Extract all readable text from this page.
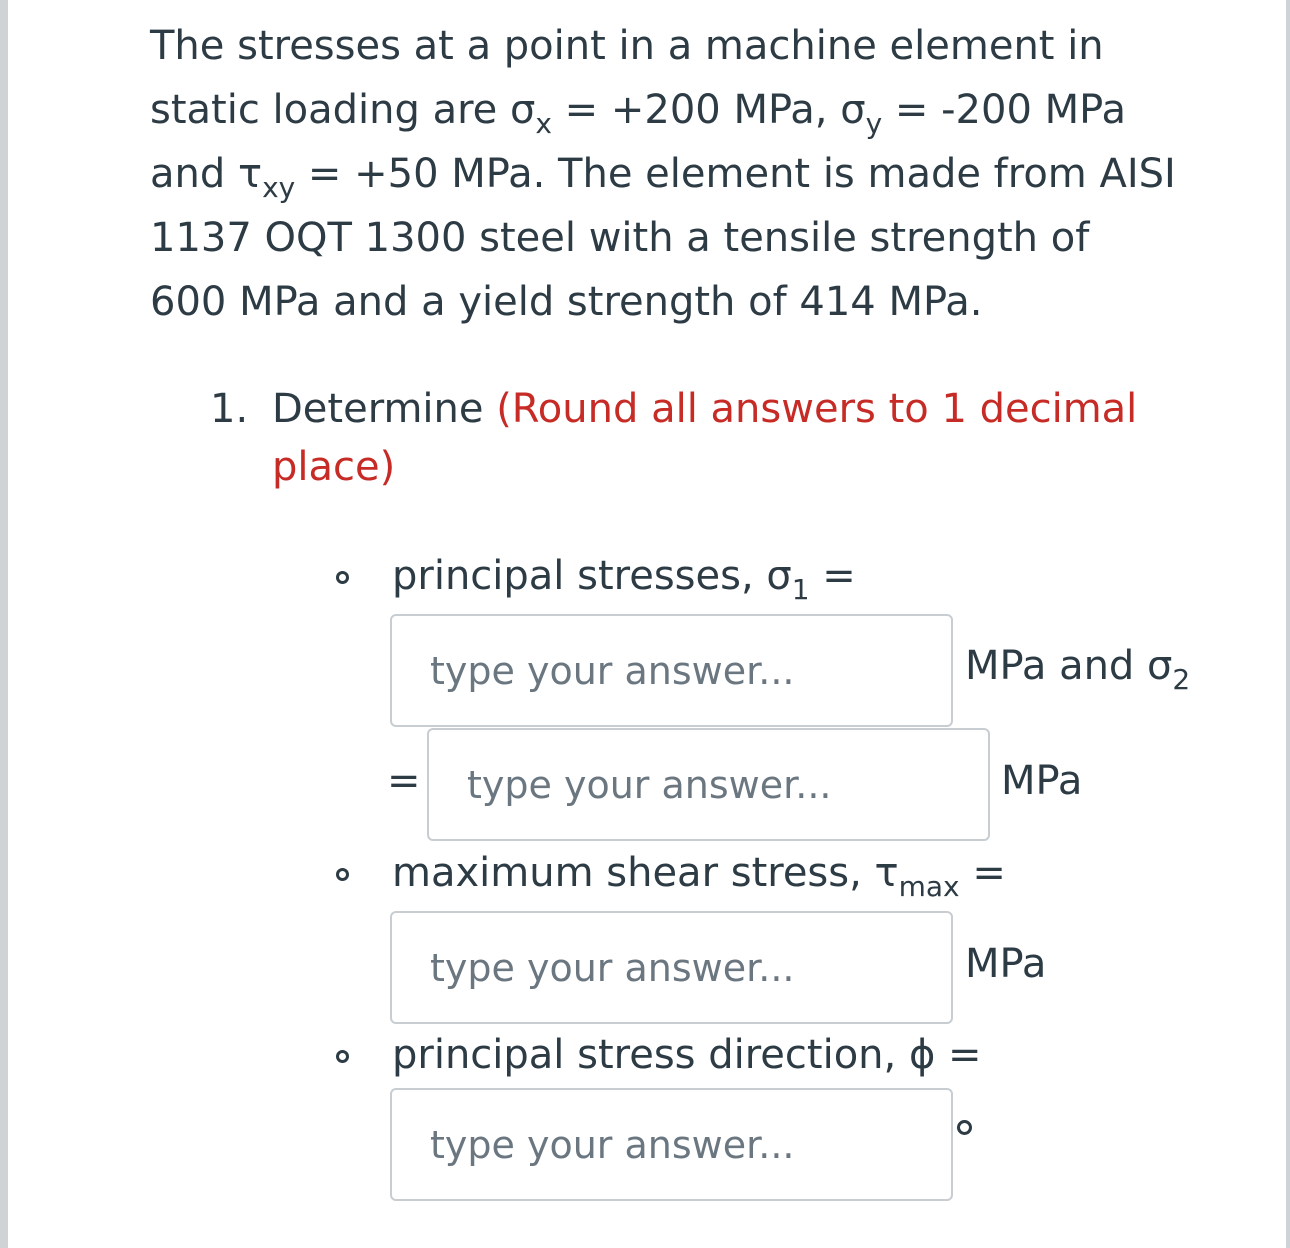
The stresses at a point in a machine element in
static loading are $\sigma_x = +200$ MPa, $\sigma_y = -200$ MPa
and $\tau_{xy} = +50$ MPa. The element is made from AISI
1137 OQT 1300 steel with a tensile strength of
600 MPa and a yield strength of 414 MPa.
1. Determine (Round all answers to 1 decimal
place)
principal stresses, $\sigma_1$ =
type your answer...
MPa and $\sigma_2$
=
type your answer...	MPa
maximum shear stress, $\tau_{max}$ =
type your answer...
MPa
principal stress direction, ϕ =
type your answer...
